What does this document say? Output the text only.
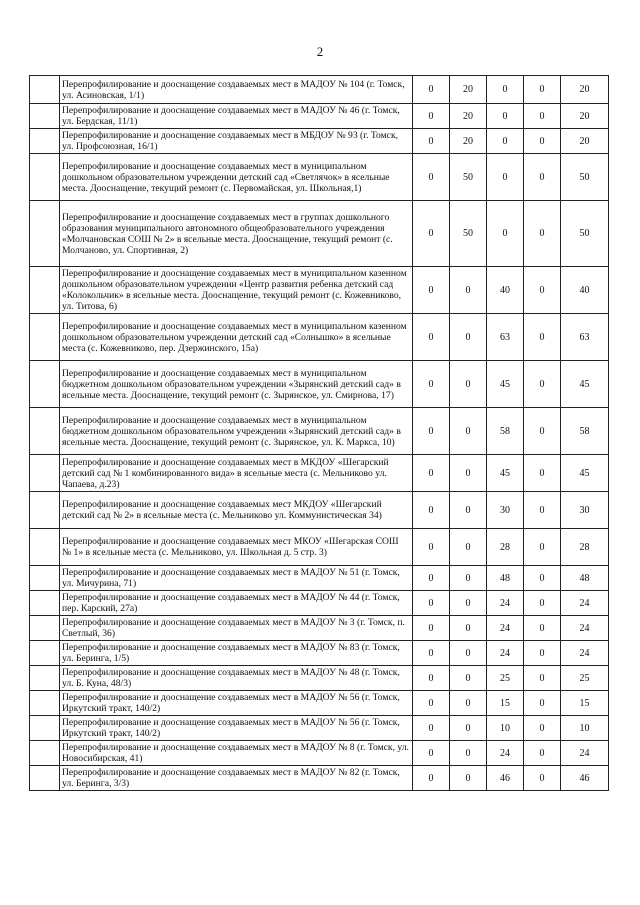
2
	Перепрофилирование и дооснащение создаваемых мест в МАДОУ № 104 (г. Томск, ул. Асиновская, 1/1)	0	20	0	0	20
	Перепрофилирование и дооснащение создаваемых мест в МАДОУ № 46 (г. Томск, ул. Бердская, 11/1)	0	20	0	0	20
	Перепрофилирование и дооснащение создаваемых мест в МБДОУ № 93 (г. Томск, ул. Профсоюзная, 16/1)	0	20	0	0	20
	Перепрофилирование и дооснащение создаваемых мест в муниципальном дошкольном образовательном учреждении детский сад «Светлячок» в ясельные места. Дооснащение, текущий ремонт (с. Первомайская, ул. Школьная,1)	0	50	0	0	50
	Перепрофилирование и дооснащение создаваемых мест в группах дошкольного образования муниципального автономного общеобразовательного учреждения «Молчановская СОШ № 2» в ясельные места. Дооснащение, текущий ремонт (с. Молчаново, ул. Спортивная, 2)	0	50	0	0	50
	Перепрофилирование и дооснащение создаваемых мест в муниципальном казенном дошкольном образовательном учреждении «Центр развития ребенка детский сад «Колокольчик» в ясельные места. Дооснащение, текущий ремонт (с. Кожевниково, ул. Титова, 6)	0	0	40	0	40
	Перепрофилирование и дооснащение создаваемых мест в муниципальном казенном дошкольном образовательном учреждении детский сад «Солнышко» в ясельные места (с. Кожевниково, пер. Дзержинского, 15а)	0	0	63	0	63
	Перепрофилирование и дооснащение создаваемых мест в муниципальном бюджетном дошкольном образовательном учреждении «Зырянский детский сад» в ясельные места. Дооснащение, текущий ремонт (с. Зырянское, ул. Смирнова, 17)	0	0	45	0	45
	Перепрофилирование и дооснащение создаваемых мест в муниципальном бюджетном дошкольном образовательном учреждении «Зырянский детский сад» в ясельные места. Дооснащение, текущий ремонт (с. Зырянское, ул. К. Маркса, 10)	0	0	58	0	58
	Перепрофилирование и дооснащение создаваемых мест в МКДОУ «Шегарский детский сад № 1 комбинированного вида» в ясельные места (с. Мельниково ул. Чапаева, д.23)	0	0	45	0	45
	Перепрофилирование и дооснащение создаваемых мест МКДОУ «Шегарский детский сад № 2» в ясельные места (с. Мельниково ул. Коммунистическая 34)	0	0	30	0	30
	Перепрофилирование и дооснащение создаваемых мест МКОУ «Шегарская СОШ № 1» в ясельные места (с. Мельниково, ул. Школьная д. 5 стр. 3)	0	0	28	0	28
	Перепрофилирование и дооснащение создаваемых мест в МАДОУ № 51 (г. Томск, ул. Мичурина, 71)	0	0	48	0	48
	Перепрофилирование и дооснащение создаваемых мест в МАДОУ № 44 (г. Томск, пер. Карский, 27а)	0	0	24	0	24
	Перепрофилирование и дооснащение создаваемых мест в МАДОУ № 3 (г. Томск, п. Светлый, 36)	0	0	24	0	24
	Перепрофилирование и дооснащение создаваемых мест в МАДОУ № 83 (г. Томск, ул. Беринга, 1/5)	0	0	24	0	24
	Перепрофилирование и дооснащение создаваемых мест в МАДОУ № 48 (г. Томск, ул. Б. Куна, 48/3)	0	0	25	0	25
	Перепрофилирование и дооснащение создаваемых мест в МАДОУ № 56 (г. Томск, Иркутский тракт, 140/2)	0	0	15	0	15
	Перепрофилирование и дооснащение создаваемых мест в МАДОУ № 56 (г. Томск, Иркутский тракт, 140/2)	0	0	10	0	10
	Перепрофилирование и дооснащение создаваемых мест в МАДОУ № 8 (г. Томск, ул. Новосибирская, 41)	0	0	24	0	24
	Перепрофилирование и дооснащение создаваемых мест в МАДОУ № 82 (г. Томск, ул. Беринга, 3/3)	0	0	46	0	46
